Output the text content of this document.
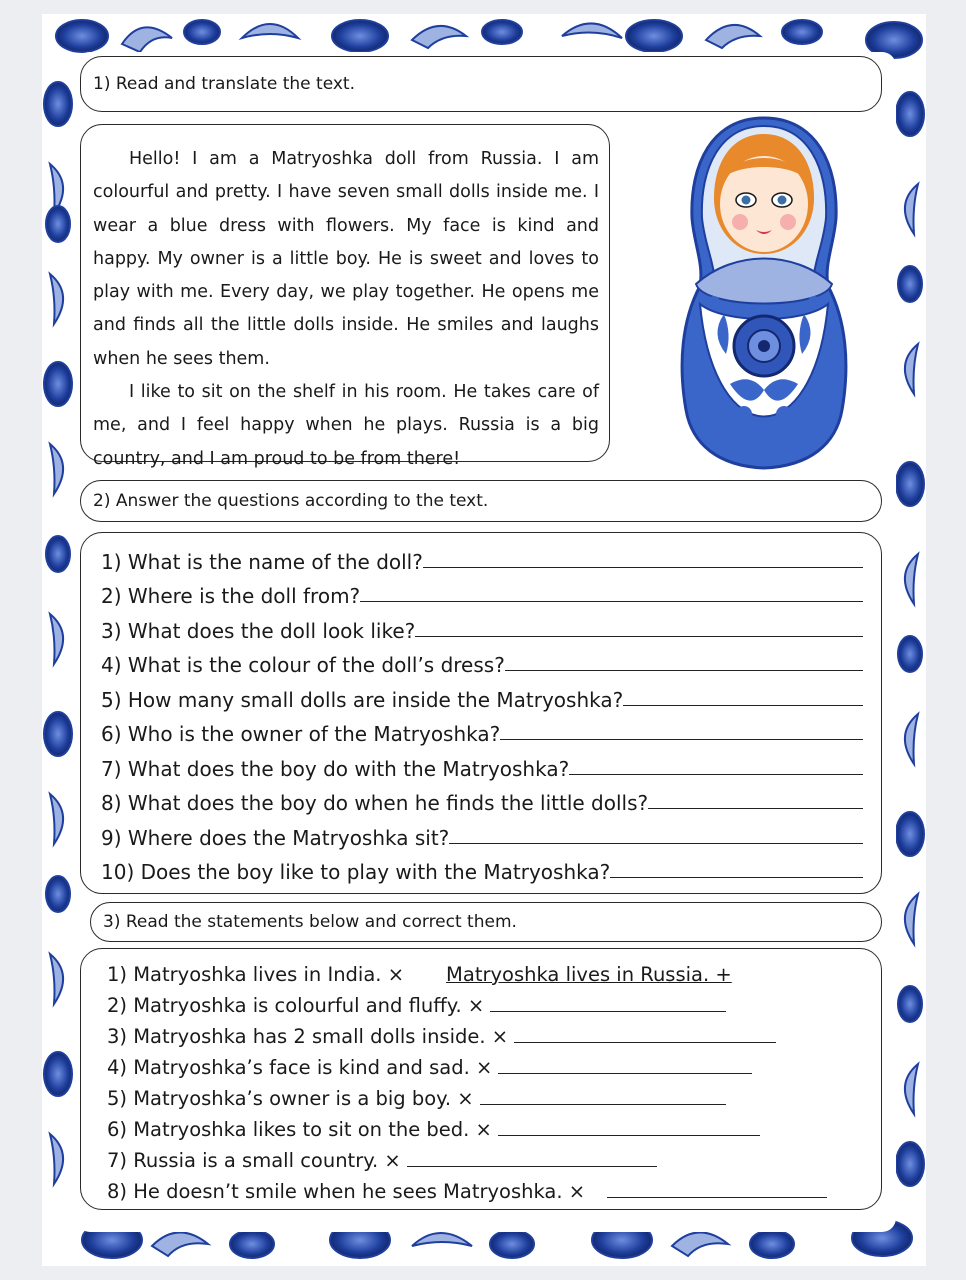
1) Read and translate the text.

Hello! I am a Matryoshka doll from Russia. I am colourful and pretty. I have seven small dolls inside me. I wear a blue dress with flowers. My face is kind and happy. My owner is a little boy. He is sweet and loves to play with me. Every day, we play together. He opens me and finds all the little dolls inside. He smiles and laughs when he sees them.

I like to sit on the shelf in his room. He takes care of me, and I feel happy when he plays. Russia is a big country, and I am proud to be from there!

2) Answer the questions according to the text.
1) What is the name of the doll?
2) Where is the doll from?
3) What does the doll look like?
4) What is the colour of the doll’s dress?
5) How many small dolls are inside the Matryoshka?
6) Who is the owner of the Matryoshka?
7) What does the boy do with the Matryoshka?
8) What does the boy do when he finds the little dolls?
9) Where does the Matryoshka sit?
10) Does the boy like to play with the Matryoshka?
3) Read the statements below and correct them.
1) Matryoshka lives in India. × Matryoshka lives in Russia. +
2) Matryoshka is colourful and fluffy. ×
3) Matryoshka has 2 small dolls inside. ×
4) Matryoshka’s face is kind and sad. ×
5) Matryoshka’s owner is a big boy. ×
6) Matryoshka likes to sit on the bed. ×
7) Russia is a small country. ×
8) He doesn’t smile when he sees Matryoshka. ×
